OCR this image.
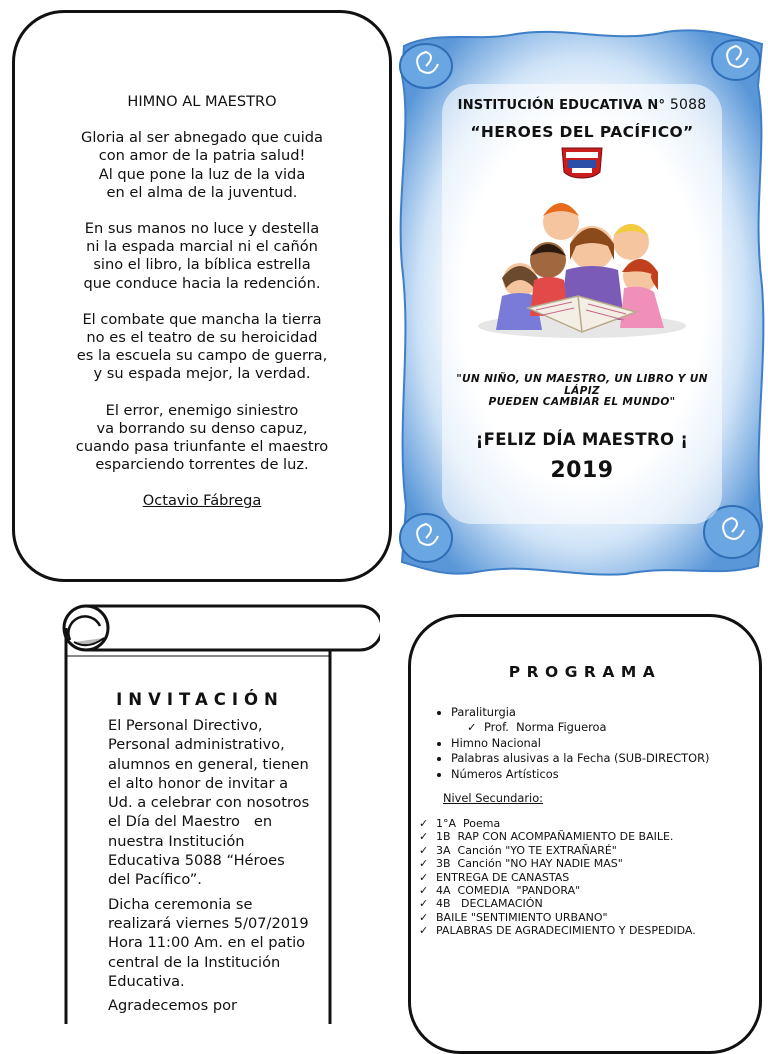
HIMNO AL MAESTRO
Gloria al ser abnegado que cuida
con amor de la patria salud!
Al que pone la luz de la vida
en el alma de la juventud.
En sus manos no luce y destella
ni la espada marcial ni el cañón
sino el libro, la bíblica estrella
que conduce hacia la redención.
El combate que mancha la tierra
no es el teatro de su heroicidad
es la escuela su campo de guerra,
y su espada mejor, la verdad.
El error, enemigo siniestro
va borrando su denso capuz,
cuando pasa triunfante el maestro
esparciendo torrentes de luz.
Octavio Fábrega
INSTITUCIÓN EDUCATIVA N° 5088
“HEROES DEL PACÍFICO”
"UN NIÑO, UN MAESTRO, UN LIBRO Y UN
LÁPIZ
PUEDEN CAMBIAR EL MUNDO"
¡FELIZ DÍA MAESTRO ¡
2019
INVITACIÓN

El Personal Directivo,
Personal administrativo,
alumnos en general, tienen
el alto honor de invitar a
Ud. a celebrar con nosotros
el Día del Maestro   en
nuestra Institución
Educativa 5088 “Héroes
del Pacífico”.

Dicha ceremonia se
realizará viernes 5/07/2019
Hora 11:00 Am. en el patio
central de la Institución
Educativa.

Agradecemos por

PROGRAMA
• Paraliturgia
✓ Prof.  Norma Figueroa
• Himno Nacional
• Palabras alusivas a la Fecha (SUB-DIRECTOR)
• Números Artísticos
Nivel Secundario:
✓ 1°A  Poema
✓ 1B  RAP CON ACOMPAÑAMIENTO DE BAILE.
✓ 3A  Canción "YO TE EXTRAÑARÉ"
✓ 3B  Canción "NO HAY NADIE MAS"
✓ ENTREGA DE CANASTAS
✓ 4A  COMEDIA  "PANDORA"
✓ 4B   DECLAMACIÓN
✓ BAILE "SENTIMIENTO URBANO"
✓ PALABRAS DE AGRADECIMIENTO Y DESPEDIDA.
